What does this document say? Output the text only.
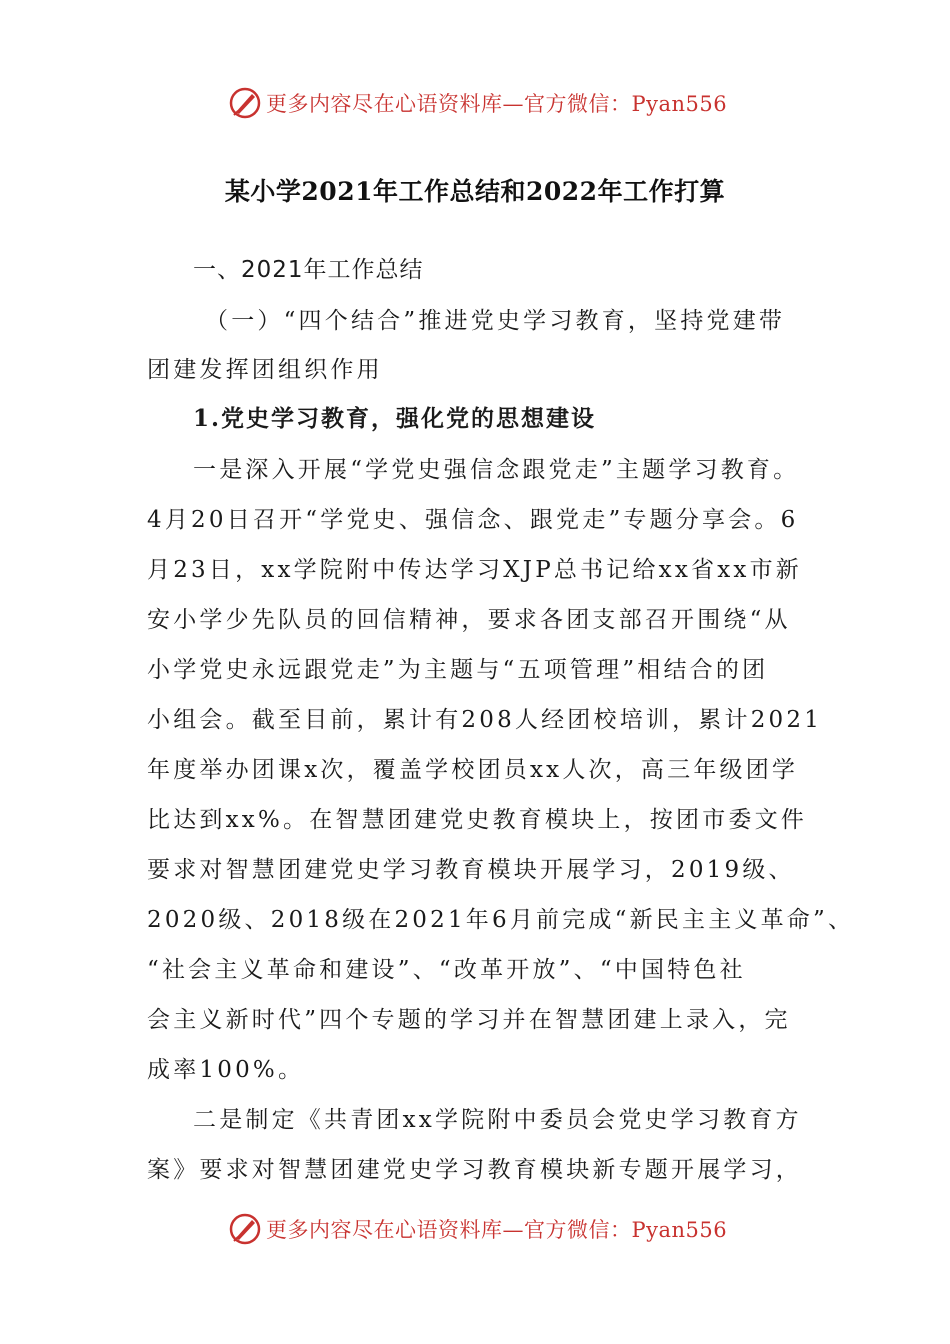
更多内容尽在心语资料库—官方微信：Pyan556
某小学2021年工作总结和2022年工作打算
一、2021年工作总结
（一）“四个结合”推进党史学习教育，坚持党建带
团建发挥团组织作用
1.党史学习教育，强化党的思想建设
一是深入开展“学党史强信念跟党走”主题学习教育。
4月20日召开“学党史、强信念、跟党走”专题分享会。6
月23日，xx学院附中传达学习XJP总书记给xx省xx市新
安小学少先队员的回信精神，要求各团支部召开围绕“从
小学党史永远跟党走”为主题与“五项管理”相结合的团
小组会。截至目前，累计有208人经团校培训，累计2021
年度举办团课x次，覆盖学校团员xx人次，高三年级团学
比达到xx%。在智慧团建党史教育模块上，按团市委文件
要求对智慧团建党史学习教育模块开展学习，2019级、
2020级、2018级在2021年6月前完成“新民主主义革命”、
“社会主义革命和建设”、“改革开放”、“中国特色社
会主义新时代”四个专题的学习并在智慧团建上录入，完
成率100%。
二是制定《共青团xx学院附中委员会党史学习教育方
案》要求对智慧团建党史学习教育模块新专题开展学习，
更多内容尽在心语资料库—官方微信：Pyan556
